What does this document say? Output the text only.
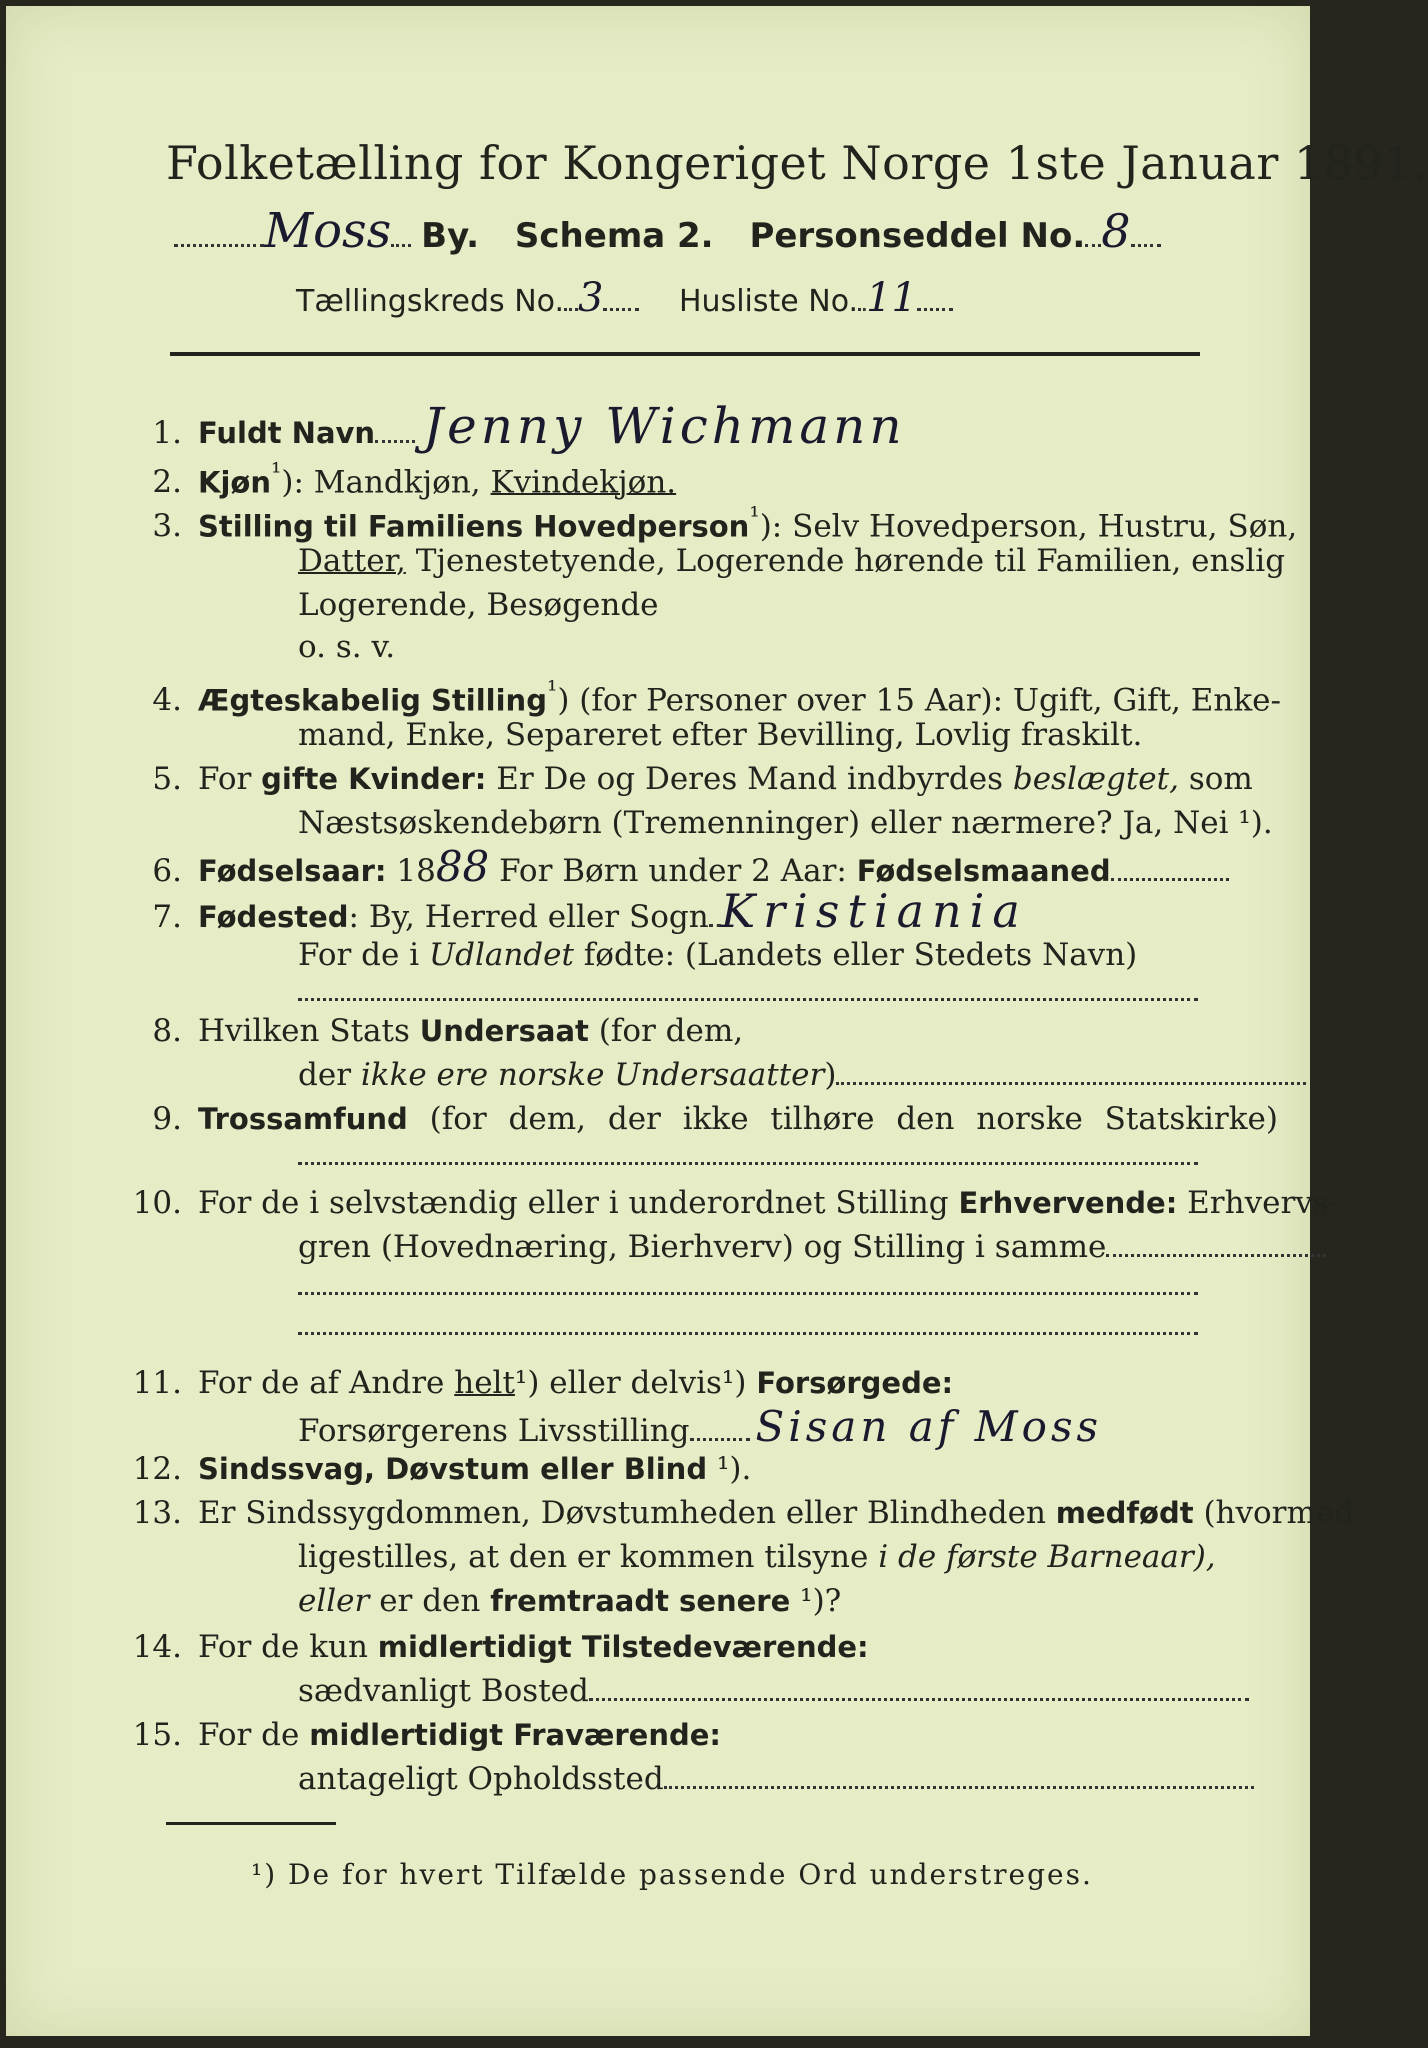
Folketælling for Kongeriget Norge 1ste Januar 1891.
Moss By. Schema 2. Personseddel No. 8
Tællingskreds No. 3	Husliste No. 11
1. Fuldt Navn Jenny Wichmann
2. Kjøn$^{^1}$): Mandkjøn, Kvindekjøn.
3. Stilling til Familiens Hovedperson$^{^1}$): Selv Hovedperson, Hustru, Søn,
Datter, Tjenestetyende, Logerende hørende til Familien, enslig
Logerende, Besøgende
o. s. v.
4. Ægteskabelig Stilling$^{^1}$) (for Personer over 15 Aar): Ugift, Gift, Enke-
mand, Enke, Separeret efter Bevilling, Lovlig fraskilt.
5. For gifte Kvinder: Er De og Deres Mand indbyrdes beslægtet, som
Næstsøskendebørn (Tremenninger) eller nærmere? Ja, Nei ¹).
6. Fødselsaar: 1888 For Børn under 2 Aar: Fødselsmaaned
7. Fødested: By, Herred eller Sogn Kristiania
For de i Udlandet fødte: (Landets eller Stedets Navn)
8. Hvilken Stats Undersaat (for dem,
der ikke ere norske Undersaatter)
9. Trossamfund (for dem, der ikke tilhøre den norske Statskirke)
10. For de i selvstændig eller i underordnet Stilling Erhvervende: Erhvervs-
gren (Hovednæring, Bierhverv) og Stilling i samme
11. For de af Andre helt¹) eller delvis¹) Forsørgede:
Forsørgerens Livsstilling Sisan af Moss
12. Sindssvag, Døvstum eller Blind ¹).
13. Er Sindssygdommen, Døvstumheden eller Blindheden medfødt (hvormed
ligestilles, at den er kommen tilsyne i de første Barneaar),
eller er den fremtraadt senere ¹)?
14. For de kun midlertidigt Tilstedeværende:
sædvanligt Bosted
15. For de midlertidigt Fraværende:
antageligt Opholdssted
¹) De for hvert Tilfælde passende Ord understreges.
